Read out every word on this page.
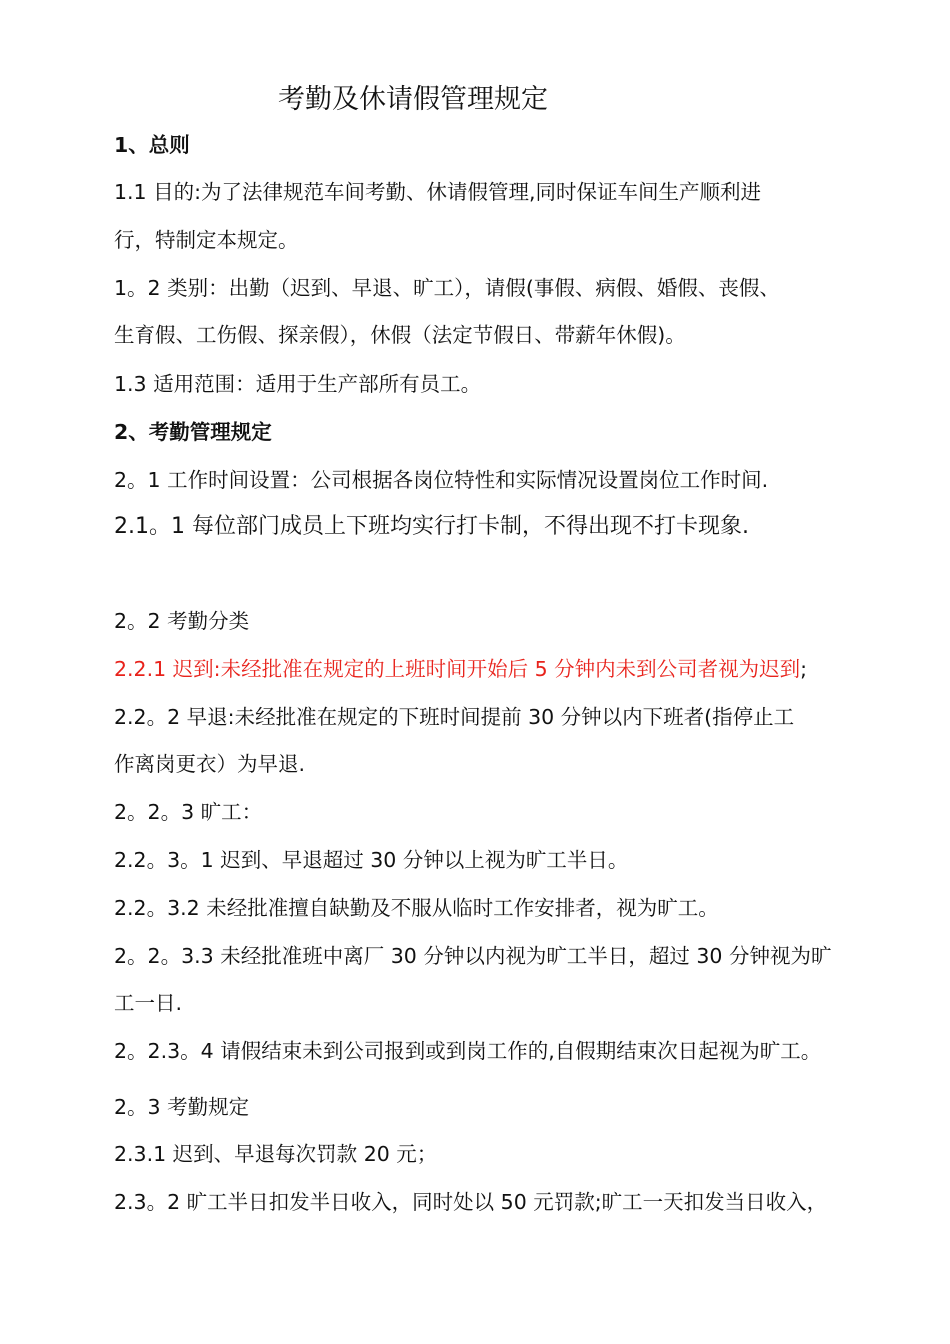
考勤及休请假管理规定
1、总则
1.1 目的:为了法律规范车间考勤、休请假管理,同时保证车间生产顺利进
行，特制定本规定。
1。2 类别：出勤（迟到、早退、旷工），请假(事假、病假、婚假、丧假、
生育假、工伤假、探亲假），休假（法定节假日、带薪年休假)。
1.3 适用范围：适用于生产部所有员工。
2、考勤管理规定
2。1 工作时间设置：公司根据各岗位特性和实际情况设置岗位工作时间.
2.1。1 每位部门成员上下班均实行打卡制，不得出现不打卡现象.
2。2 考勤分类
2.2.1 迟到:未经批准在规定的上班时间开始后 5 分钟内未到公司者视为迟到;
2.2。2 早退:未经批准在规定的下班时间提前 30 分钟以内下班者(指停止工
作离岗更衣）为早退.
2。2。3 旷工：
2.2。3。1 迟到、早退超过 30 分钟以上视为旷工半日。
2.2。3.2 未经批准擅自缺勤及不服从临时工作安排者，视为旷工。
2。2。3.3 未经批准班中离厂 30 分钟以内视为旷工半日，超过 30 分钟视为旷
工一日.
2。2.3。4 请假结束未到公司报到或到岗工作的,自假期结束次日起视为旷工。
2。3 考勤规定
2.3.1 迟到、早退每次罚款 20 元；
2.3。2 旷工半日扣发半日收入，同时处以 50 元罚款;旷工一天扣发当日收入，
